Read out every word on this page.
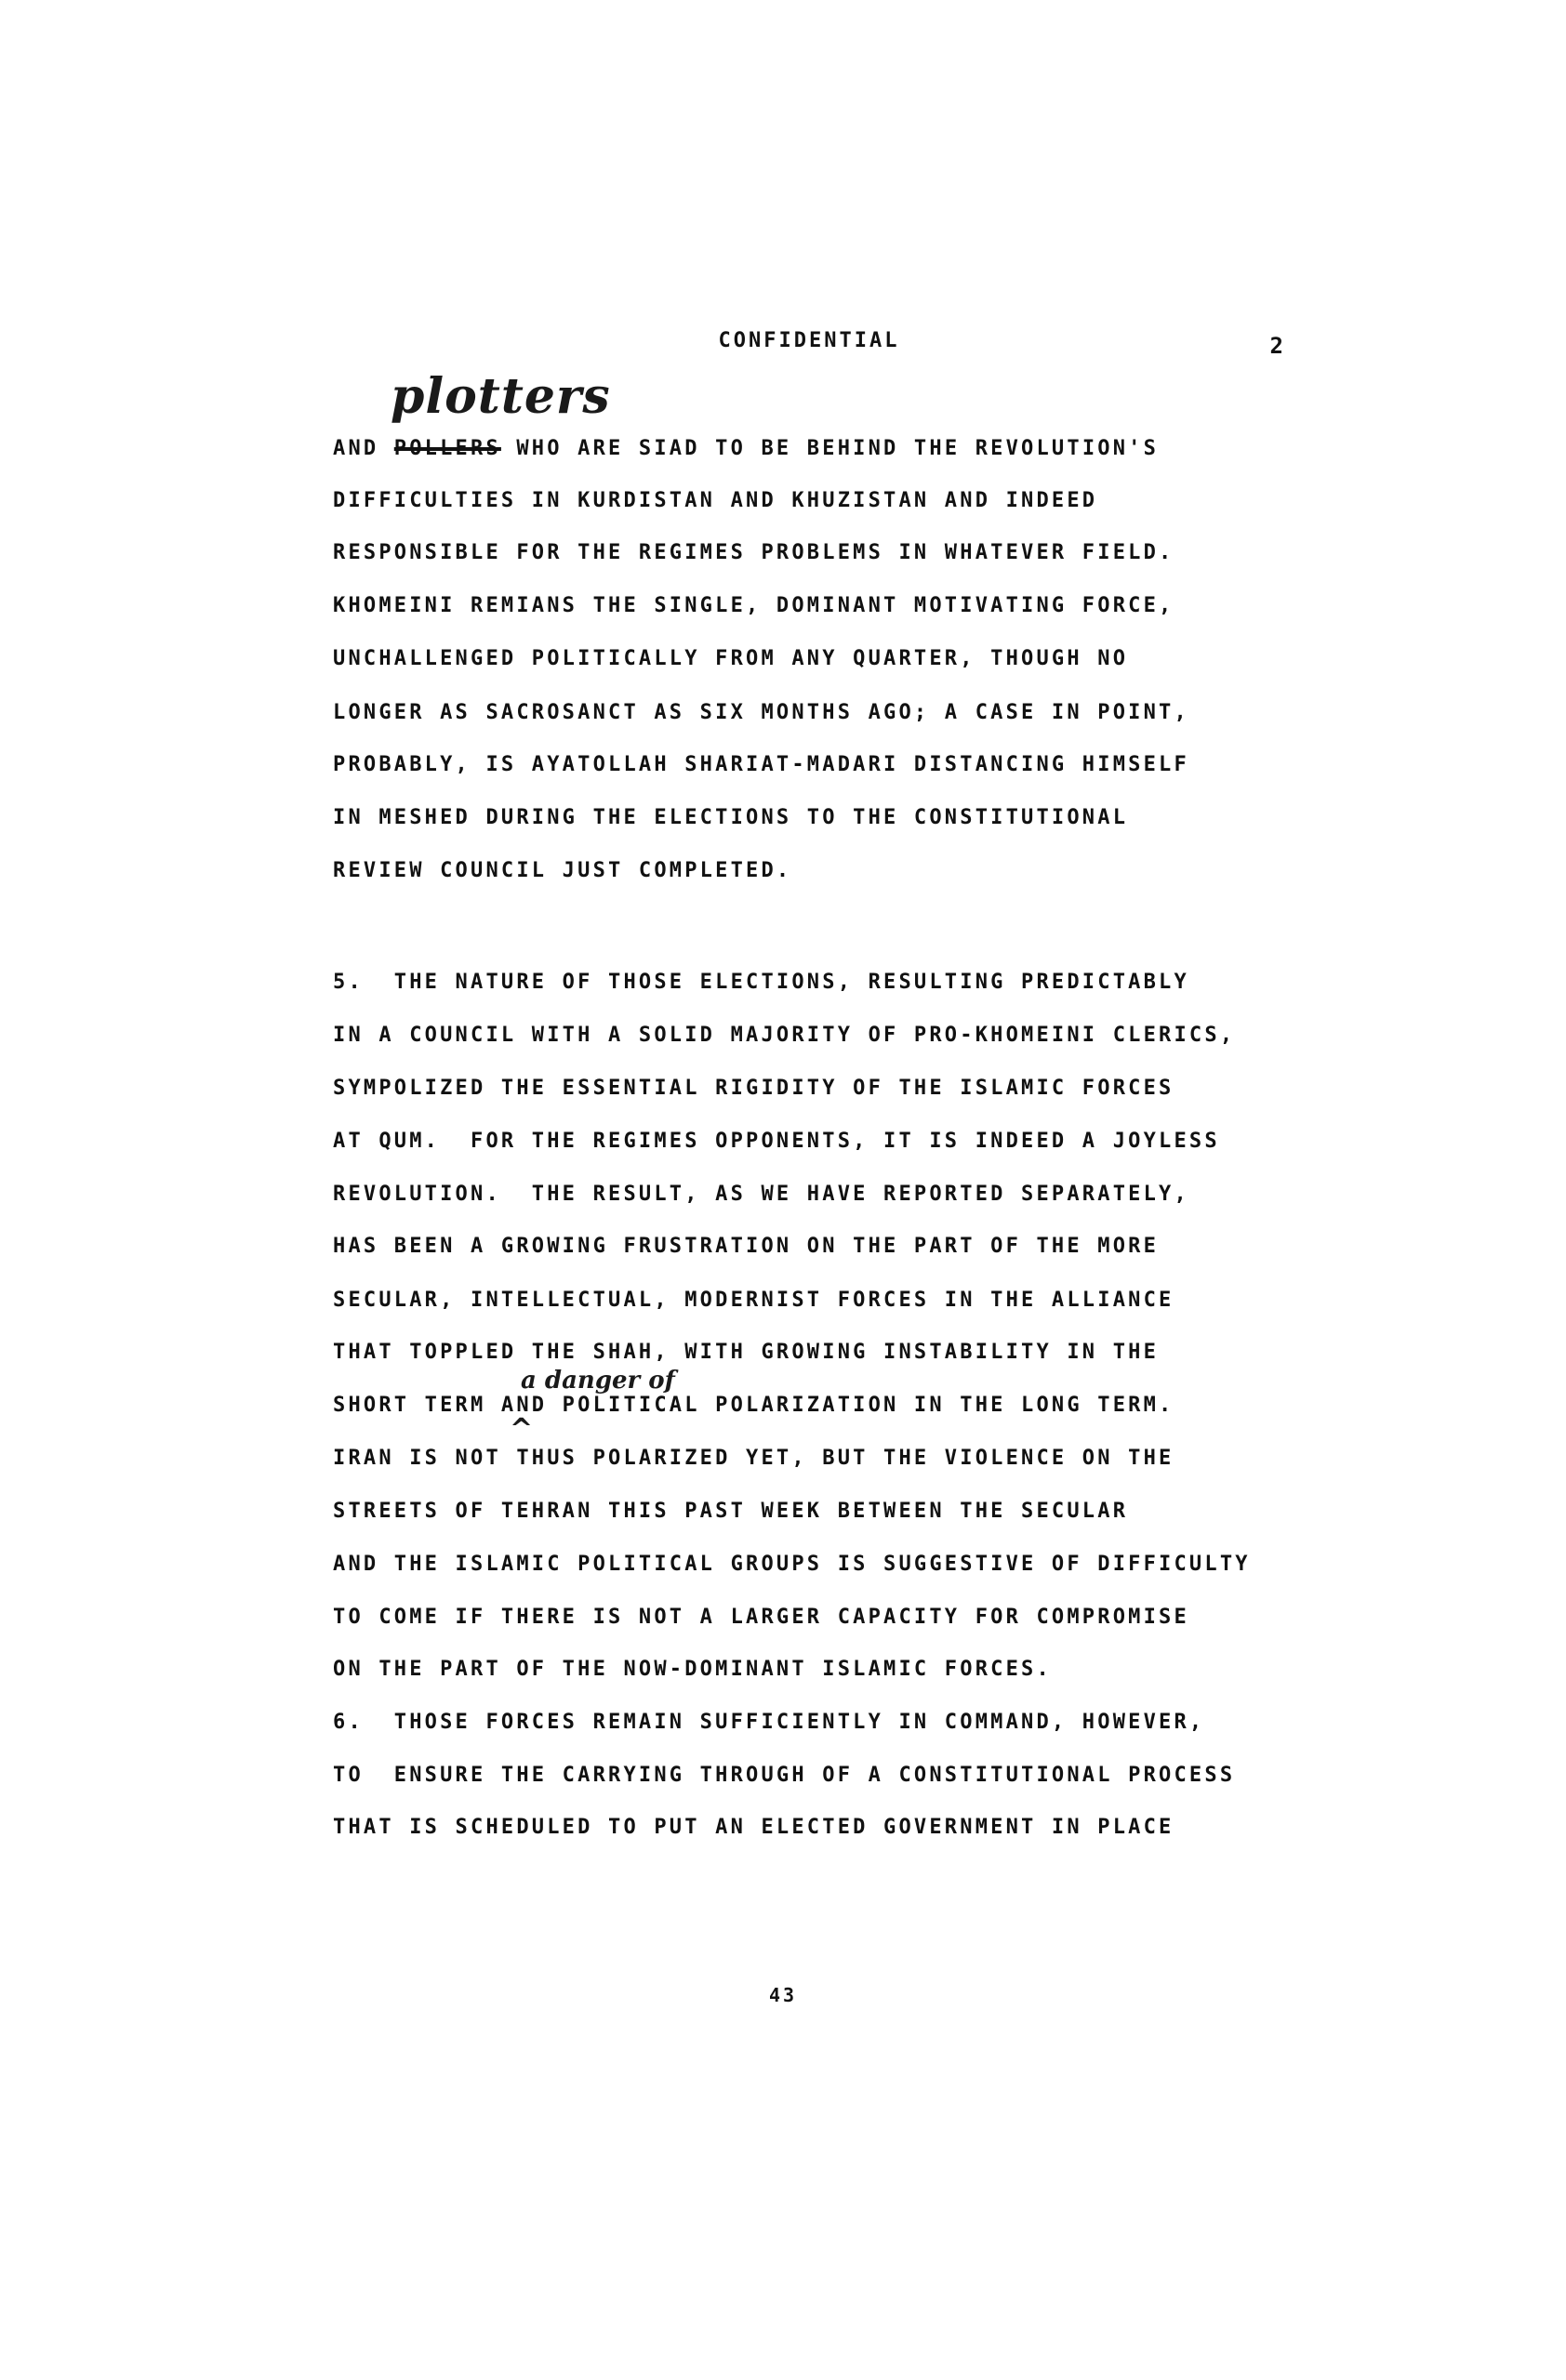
CONFIDENTIAL	2
plotters
AND POLLERS WHO ARE SIAD TO BE BEHIND THE REVOLUTION'S
DIFFICULTIES IN KURDISTAN AND KHUZISTAN AND INDEED
RESPONSIBLE FOR THE REGIMES PROBLEMS IN WHATEVER FIELD.
KHOMEINI REMIANS THE SINGLE, DOMINANT MOTIVATING FORCE,
UNCHALLENGED POLITICALLY FROM ANY QUARTER, THOUGH NO
LONGER AS SACROSANCT AS SIX MONTHS AGO; A CASE IN POINT,
PROBABLY, IS AYATOLLAH SHARIAT-MADARI DISTANCING HIMSELF
IN MESHED DURING THE ELECTIONS TO THE CONSTITUTIONAL
REVIEW COUNCIL JUST COMPLETED.
5.  THE NATURE OF THOSE ELECTIONS, RESULTING PREDICTABLY
IN A COUNCIL WITH A SOLID MAJORITY OF PRO-KHOMEINI CLERICS,
SYMPOLIZED THE ESSENTIAL RIGIDITY OF THE ISLAMIC FORCES
AT QUM.  FOR THE REGIMES OPPONENTS, IT IS INDEED A JOYLESS
REVOLUTION.  THE RESULT, AS WE HAVE REPORTED SEPARATELY,
HAS BEEN A GROWING FRUSTRATION ON THE PART OF THE MORE
SECULAR, INTELLECTUAL, MODERNIST FORCES IN THE ALLIANCE
THAT TOPPLED THE SHAH, WITH GROWING INSTABILITY IN THE
a danger of
SHORT TERM AND POLITICAL POLARIZATION IN THE LONG TERM.
^
IRAN IS NOT THUS POLARIZED YET, BUT THE VIOLENCE ON THE
STREETS OF TEHRAN THIS PAST WEEK BETWEEN THE SECULAR
AND THE ISLAMIC POLITICAL GROUPS IS SUGGESTIVE OF DIFFICULTY
TO COME IF THERE IS NOT A LARGER CAPACITY FOR COMPROMISE
ON THE PART OF THE NOW-DOMINANT ISLAMIC FORCES.
6.  THOSE FORCES REMAIN SUFFICIENTLY IN COMMAND, HOWEVER,
TO  ENSURE THE CARRYING THROUGH OF A CONSTITUTIONAL PROCESS
THAT IS SCHEDULED TO PUT AN ELECTED GOVERNMENT IN PLACE
43
